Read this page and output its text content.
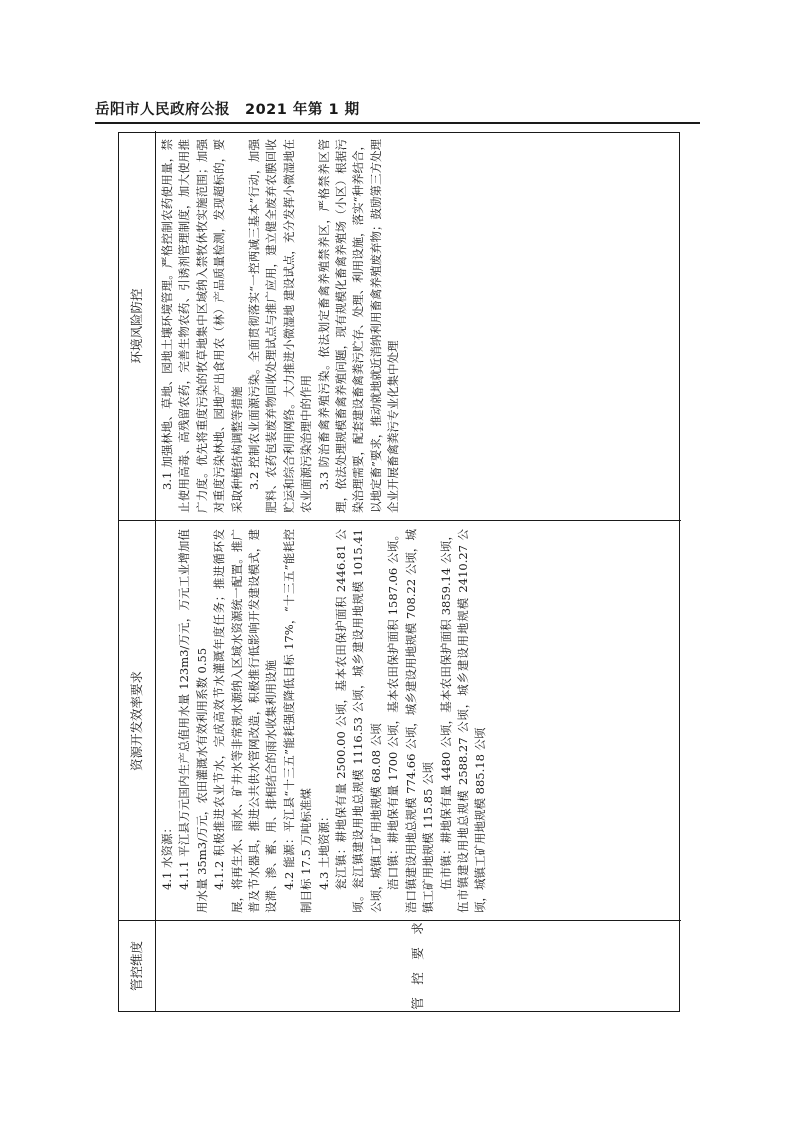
岳阳市人民政府公报　2021 年第 1 期
管控维度	管　控　要　求
环境风险防控 3.1 加强林地、草地、园地土壤环境管理。严格控制农药使用量，禁止使用高毒、高残留农药，完善生物农药、引诱剂管理制度，加大使用推广力度。优先将重度污染的牧草地集中区域纳入禁牧休牧实施范围；加强对重度污染林地、园地产出食用农（林）产品质量检测，发现超标的，要采取种植结构调整等措施 3.2 控制农业面源污染。全面贯彻落实“一控两减三基本”行动，加强肥料、农药包装废弃物回收处理试点与推广应用，建立健全废弃农膜回收贮运和综合利用网络。大力推进小微湿地 建设试点，充分发挥小微湿地在农业面源污染治理中的作用 3.3 防治畜禽养殖污染。依法划定畜禽养殖禁养区，严格禁养区管理，依法处理规模畜禽养殖问题，现有规模化畜禽养殖场（小区）根据污染治理需要，配套建设畜禽粪污贮存、处理、利用设施，落实“种养结合，以地定畜”要求，推动就地就近消纳利用畜禽养殖废弃物；鼓励第三方处理企业开展畜禽粪污专业化集中处理

资源开发效率要求

4.1 水资源： 4.1.1 平江县万元国内生产总值用水量 123m3/万元，万元工业增加值用水量 35m3/万元，农田灌溉水有效利用系数 0.55 4.1.2 积极推进农业节水，完成高效节水灌溉年度任务；推进循环发展，将再生水、雨水、矿井水等非常规水源纳入区域水资源统一配置。推广普及节水器具，推进公共供水管网改造，积极推行低影响开发建设模式，建设滞、渗、蓄、用、排相结合的雨水收集利用设施 4.2 能源：平江县“十三五”能耗强度降低目标 17%，“十三五”能耗控制目标 17.5 万吨标准煤 4.3 土地资源： 瓮江镇：耕地保有量 2500.00 公顷，基本农田保护面积 2446.81 公顷。瓮江镇建设用地总规模 1116.53 公顷，城乡建设用地规模 1015.41 公顷，城镇工矿用地规模 68.08 公顷 浯口镇：耕地保有量 1700 公顷，基本农田保护面积 1587.06 公顷。浯口镇建设用地总规模 774.66 公顷，城乡建设用地规模 708.22 公顷，城镇工矿用地规模 115.85 公顷 伍市镇：耕地保有量 4480 公顷，基本农田保护面积 3859.14 公顷，伍市镇建设用地总规模 2588.27 公顷，城乡建设用地规模 2410.27 公顷，城镇工矿用地规模 885.18 公顷
